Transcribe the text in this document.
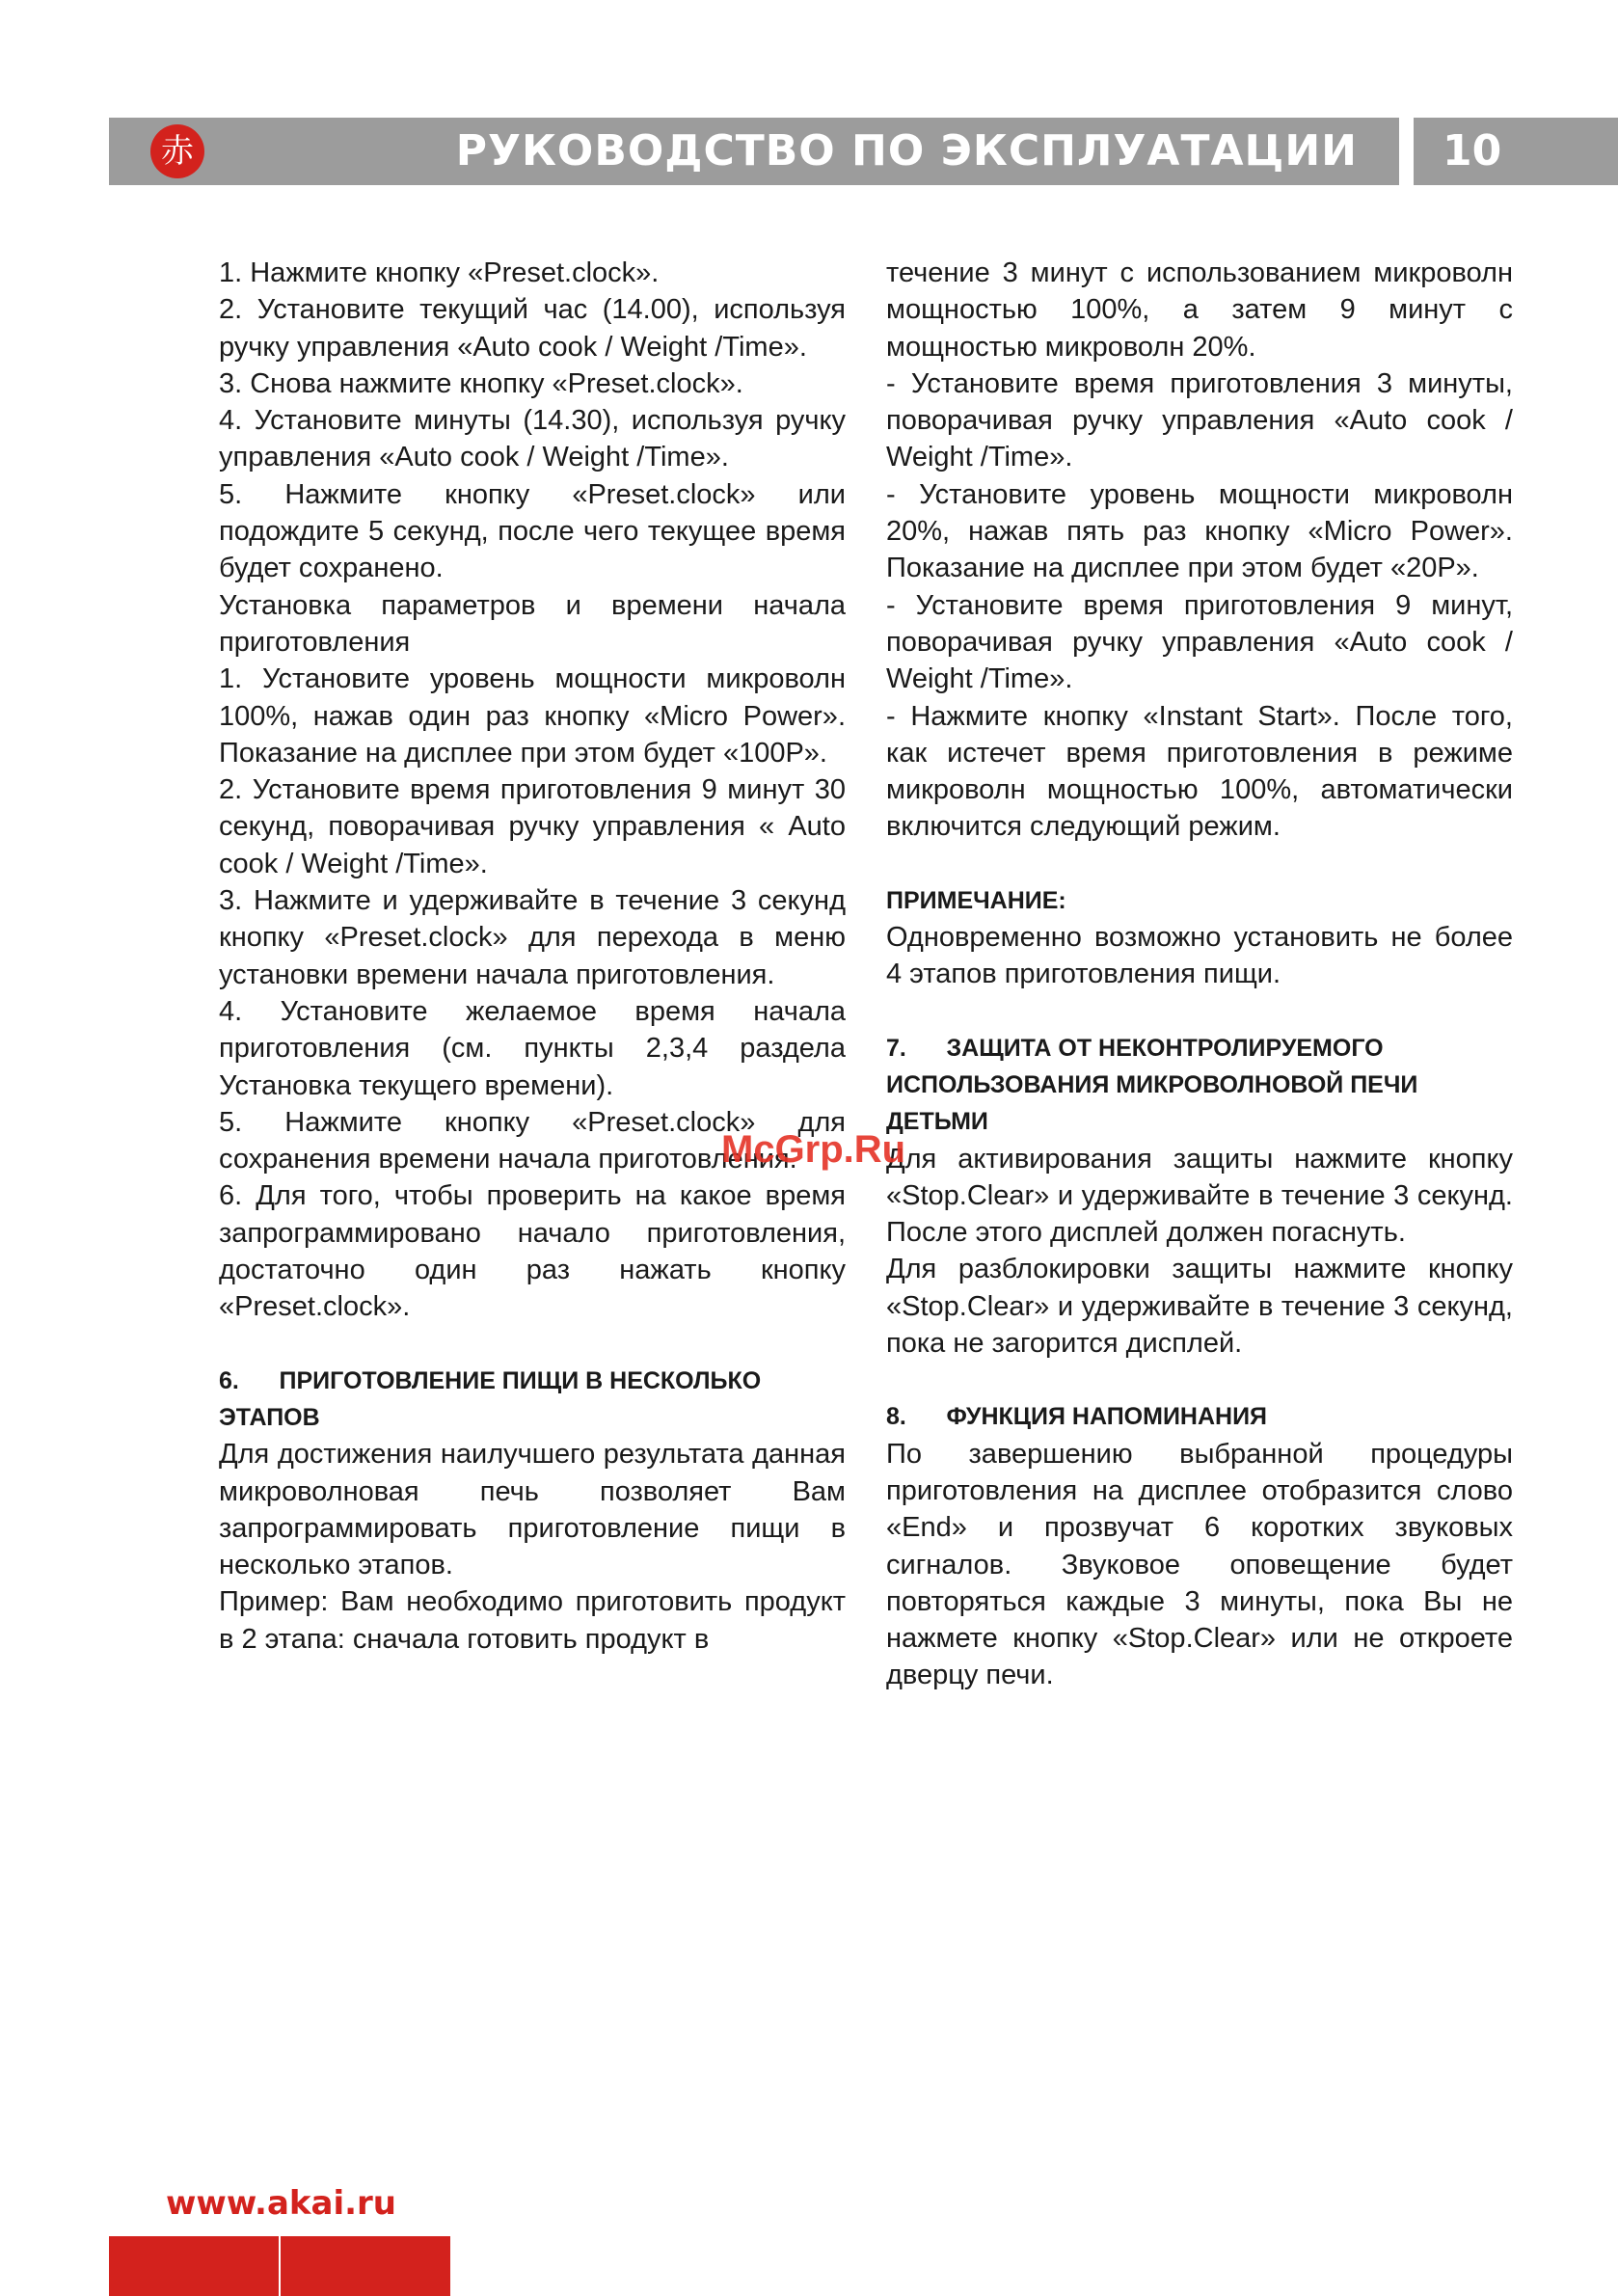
赤	РУКОВОДСТВО ПО ЭКСПЛУАТАЦИИ 10

1. Нажмите кнопку «Preset.clock».

2. Установите текущий час (14.00), используя ручку управления «Auto cook / Weight /Time».

3. Снова нажмите кнопку «Preset.clock».

4. Установите минуты (14.30), используя ручку управления «Auto cook / Weight /Time».

5. Нажмите кнопку «Preset.clock» или подождите 5 секунд, после чего текущее время будет сохранено.

Установка параметров и времени начала приготовления

1. Установите уровень мощности микроволн 100%, нажав один раз кнопку «Micro Power». Показание на дисплее при этом будет «100P».

2. Установите время приготовления 9 минут 30 секунд, поворачивая ручку управления « Auto cook / Weight /Time».

3. Нажмите и удерживайте в течение 3 секунд кнопку «Preset.clock» для перехода в меню установки времени начала приготовления.

4. Установите желаемое время начала приготовления (см. пункты 2,3,4 раздела Установка текущего времени).

5. Нажмите кнопку «Preset.clock» для сохранения времени начала приготовления.

6. Для того, чтобы проверить на какое время запрограммировано начало приготовления, достаточно один раз нажать кнопку «Preset.clock».

6.      ПРИГОТОВЛЕНИЕ ПИЩИ В НЕСКОЛЬКО ЭТАПОВ

Для достижения наилучшего результата данная микроволновая печь позволяет Вам запрограммировать приготовление пищи в несколько этапов.

Пример: Вам необходимо приготовить продукт в 2 этапа: сначала готовить продукт в

течение 3 минут с использованием микроволн мощностью 100%, а затем 9 минут с мощностью микроволн 20%.

- Установите время приготовления 3 минуты, поворачивая ручку управления «Auto cook / Weight /Time».

- Установите уровень мощности микроволн 20%, нажав пять раз кнопку «Micro Power». Показание на дисплее при этом будет «20P».

- Установите время приготовления 9 минут, поворачивая ручку управления «Auto cook / Weight /Time».

- Нажмите кнопку «Instant Start». После того, как истечет время приготовления в режиме микроволн мощностью 100%, автоматически включится следующий режим.

ПРИМЕЧАНИЕ:

Одновременно возможно установить не более 4 этапов приготовления пищи.

7.      ЗАЩИТА ОТ НЕКОНТРОЛИРУЕМОГО ИСПОЛЬЗОВАНИЯ МИКРОВОЛНОВОЙ ПЕЧИ ДЕТЬМИ

Для активирования защиты нажмите кнопку «Stop.Clear» и удерживайте в течение 3 секунд. После этого дисплей должен погаснуть.

Для разблокировки защиты нажмите кнопку «Stop.Clear» и удерживайте в течение 3 секунд, пока не загорится дисплей.

8.      ФУНКЦИЯ НАПОМИНАНИЯ

По завершению выбранной процедуры приготовления на дисплее отобразится слово «End» и прозвучат 6 коротких звуковых сигналов. Звуковое оповещение будет повторяться каждые 3 минуты, пока Вы не нажмете кнопку «Stop.Clear» или не откроете дверцу печи.

McGrp.Ru
www.akai.ru
